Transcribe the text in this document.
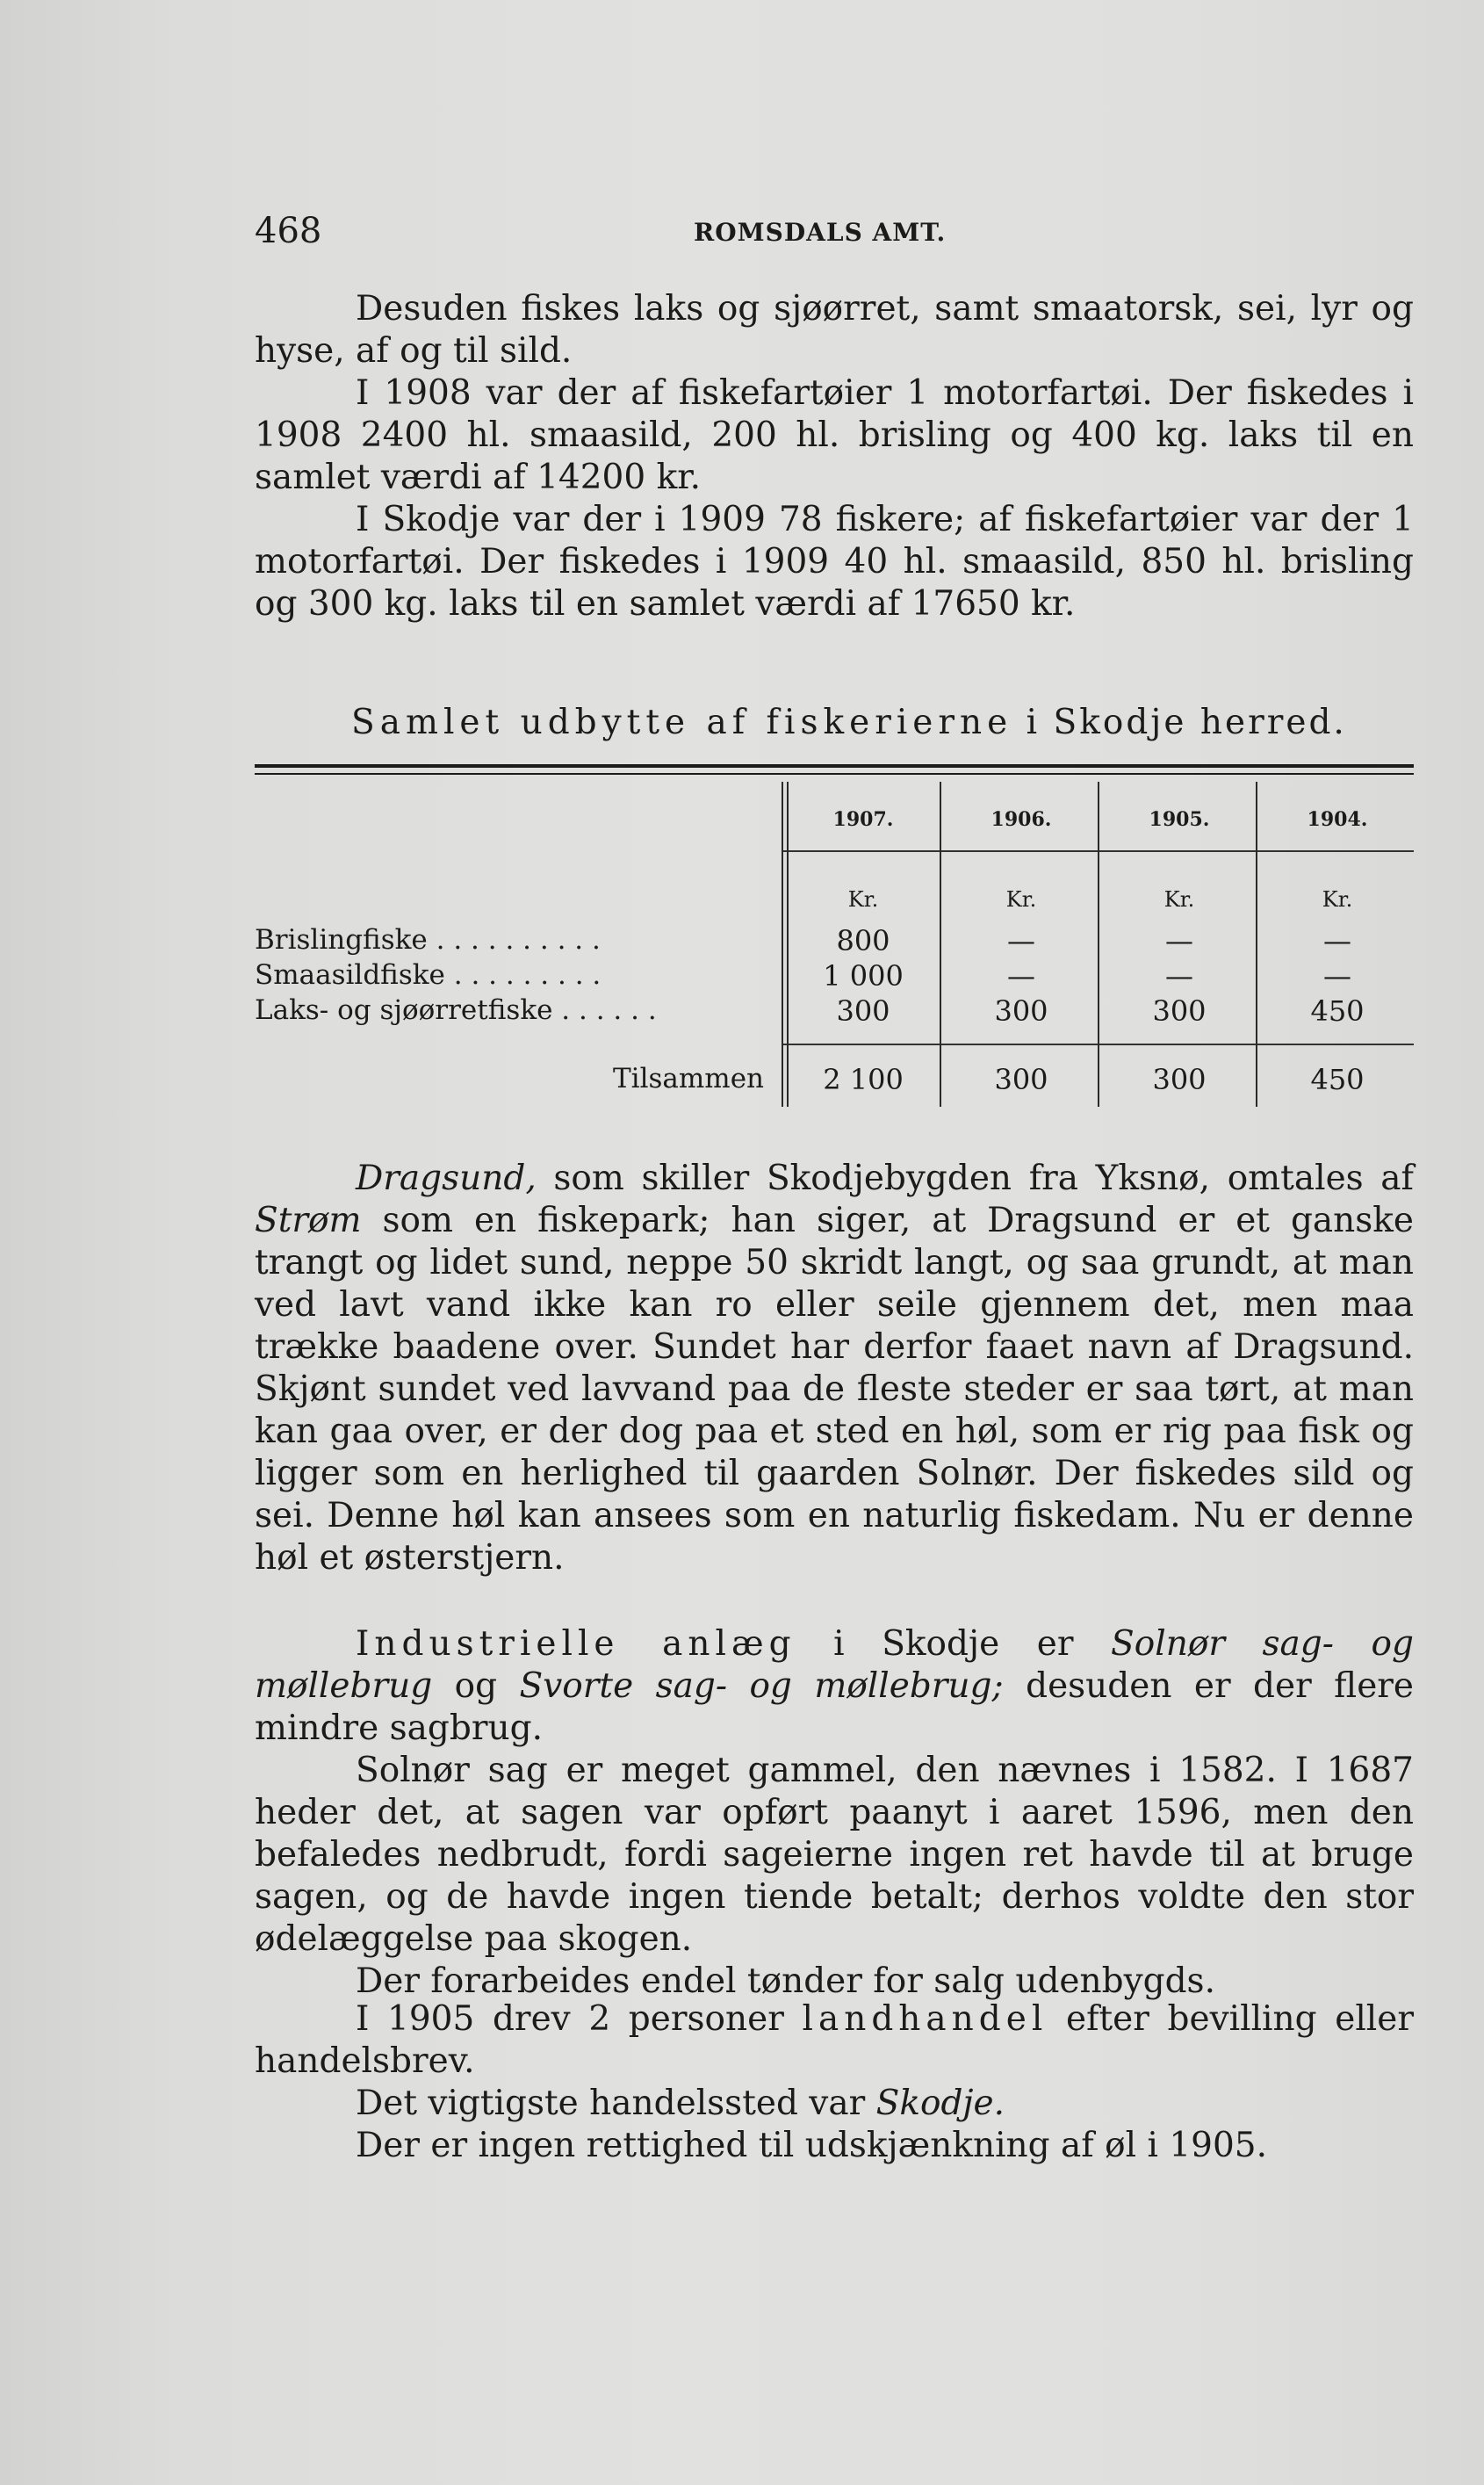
468	ROMSDALS AMT.

Desuden fiskes laks og sjøørret, samt smaatorsk, sei, lyr og hyse, af og til sild.

I 1908 var der af fiskefartøier 1 motorfartøi. Der fiskedes i 1908 2400 hl. smaasild, 200 hl. brisling og 400 kg. laks til en samlet værdi af 14200 kr.

I Skodje var der i 1909 78 fiskere; af fiskefartøier var der 1 motorfartøi. Der fiskedes i 1909 40 hl. smaasild, 850 hl. brisling og 300 kg. laks til en samlet værdi af 17650 kr.

Samlet udbytte af fiskerierne i Skodje herred.
1907.	1906.	1905.	1904.
Kr.	Kr.	Kr.	Kr.
Brislingfiske . . . . . . . . . .	800	—	—	—
Smaasildfiske . . . . . . . . .	1 000	—	—	—
Laks- og sjøørretfiske . . . . . .	300	300	300	450
Tilsammen	2 100	300	300	450

Dragsund, som skiller Skodjebygden fra Yksnø, omtales af Strøm som en fiskepark; han siger, at Dragsund er et ganske trangt og lidet sund, neppe 50 skridt langt, og saa grundt, at man ved lavt vand ikke kan ro eller seile gjennem det, men maa trække baadene over. Sundet har derfor faaet navn af Dragsund. Skjønt sundet ved lavvand paa de fleste steder er saa tørt, at man kan gaa over, er der dog paa et sted en høl, som er rig paa fisk og ligger som en herlighed til gaarden Solnør. Der fiskedes sild og sei. Denne høl kan ansees som en naturlig fiskedam. Nu er denne høl et østerstjern.

Industrielle anlæg i Skodje er Solnør sag- og møllebrug og Svorte sag- og møllebrug; desuden er der flere mindre sagbrug.

Solnør sag er meget gammel, den nævnes i 1582. I 1687 heder det, at sagen var opført paanyt i aaret 1596, men den befaledes nedbrudt, fordi sageierne ingen ret havde til at bruge sagen, og de havde ingen tiende betalt; derhos voldte den stor ødelæggelse paa skogen.

Der forarbeides endel tønder for salg udenbygds.

I 1905 drev 2 personer landhandel efter bevilling eller handelsbrev.

Det vigtigste handelssted var Skodje.

Der er ingen rettighed til udskjænkning af øl i 1905.
